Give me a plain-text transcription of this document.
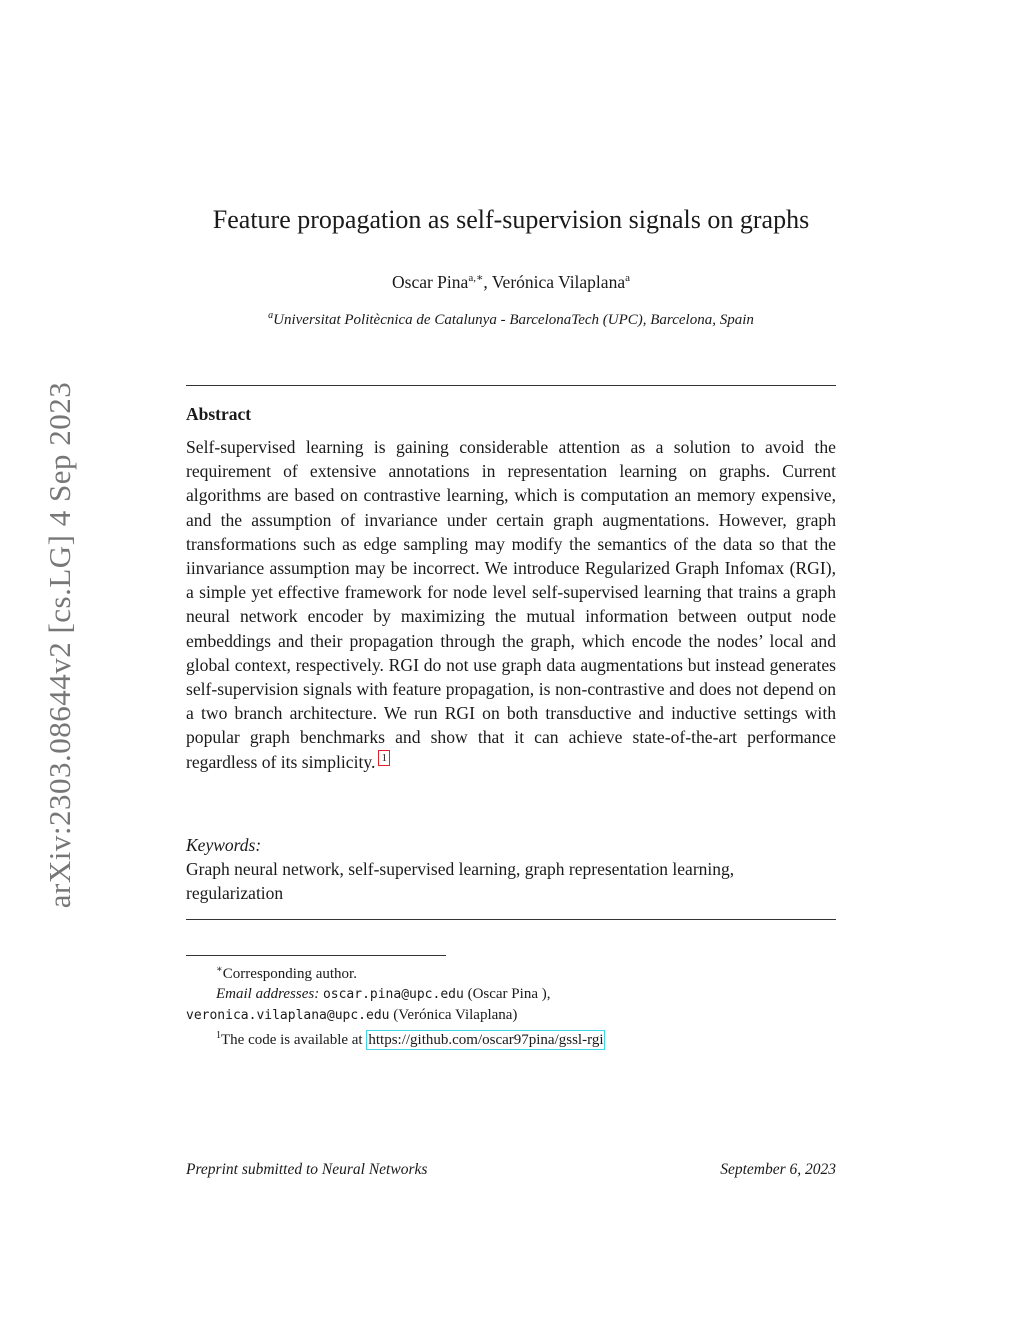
arXiv:2303.08644v2 [cs.LG] 4 Sep 2023
Feature propagation as self-supervision signals on graphs
Oscar Pina$^{a,∗}$, Verónica Vilaplana$^a$
$^a$Universitat Politècnica de Catalunya - BarcelonaTech (UPC), Barcelona, Spain
Abstract
Self-supervised learning is gaining considerable attention as a solution to avoid the requirement of extensive annotations in representation learning on graphs. Current algorithms are based on contrastive learning, which is computation an memory expensive, and the assumption of invariance under certain graph augmentations. However, graph transformations such as edge sampling may modify the semantics of the data so that the iinvariance assumption may be incorrect. We introduce Regularized Graph Infomax (RGI), a simple yet effective framework for node level self-supervised learning that trains a graph neural network encoder by maximizing the mutual information between output node embeddings and their propagation through the graph, which encode the nodes’ local and global context, respectively. RGI do not use graph data augmentations but instead generates self-supervision signals with feature propagation, is non-contrastive and does not depend on a two branch architecture. We run RGI on both transductive and inductive settings with popular graph benchmarks and show that it can achieve state-of-the-art performance regardless of its simplicity. 1
Keywords:
Graph neural network, self-supervised learning, graph representation learning, regularization
∗Corresponding author.
Email addresses: oscar.pina@upc.edu (Oscar Pina ),
veronica.vilaplana@upc.edu (Verónica Vilaplana)
$^1$The code is available at https://github.com/oscar97pina/gssl-rgi
Preprint submitted to Neural Networks	September 6, 2023
